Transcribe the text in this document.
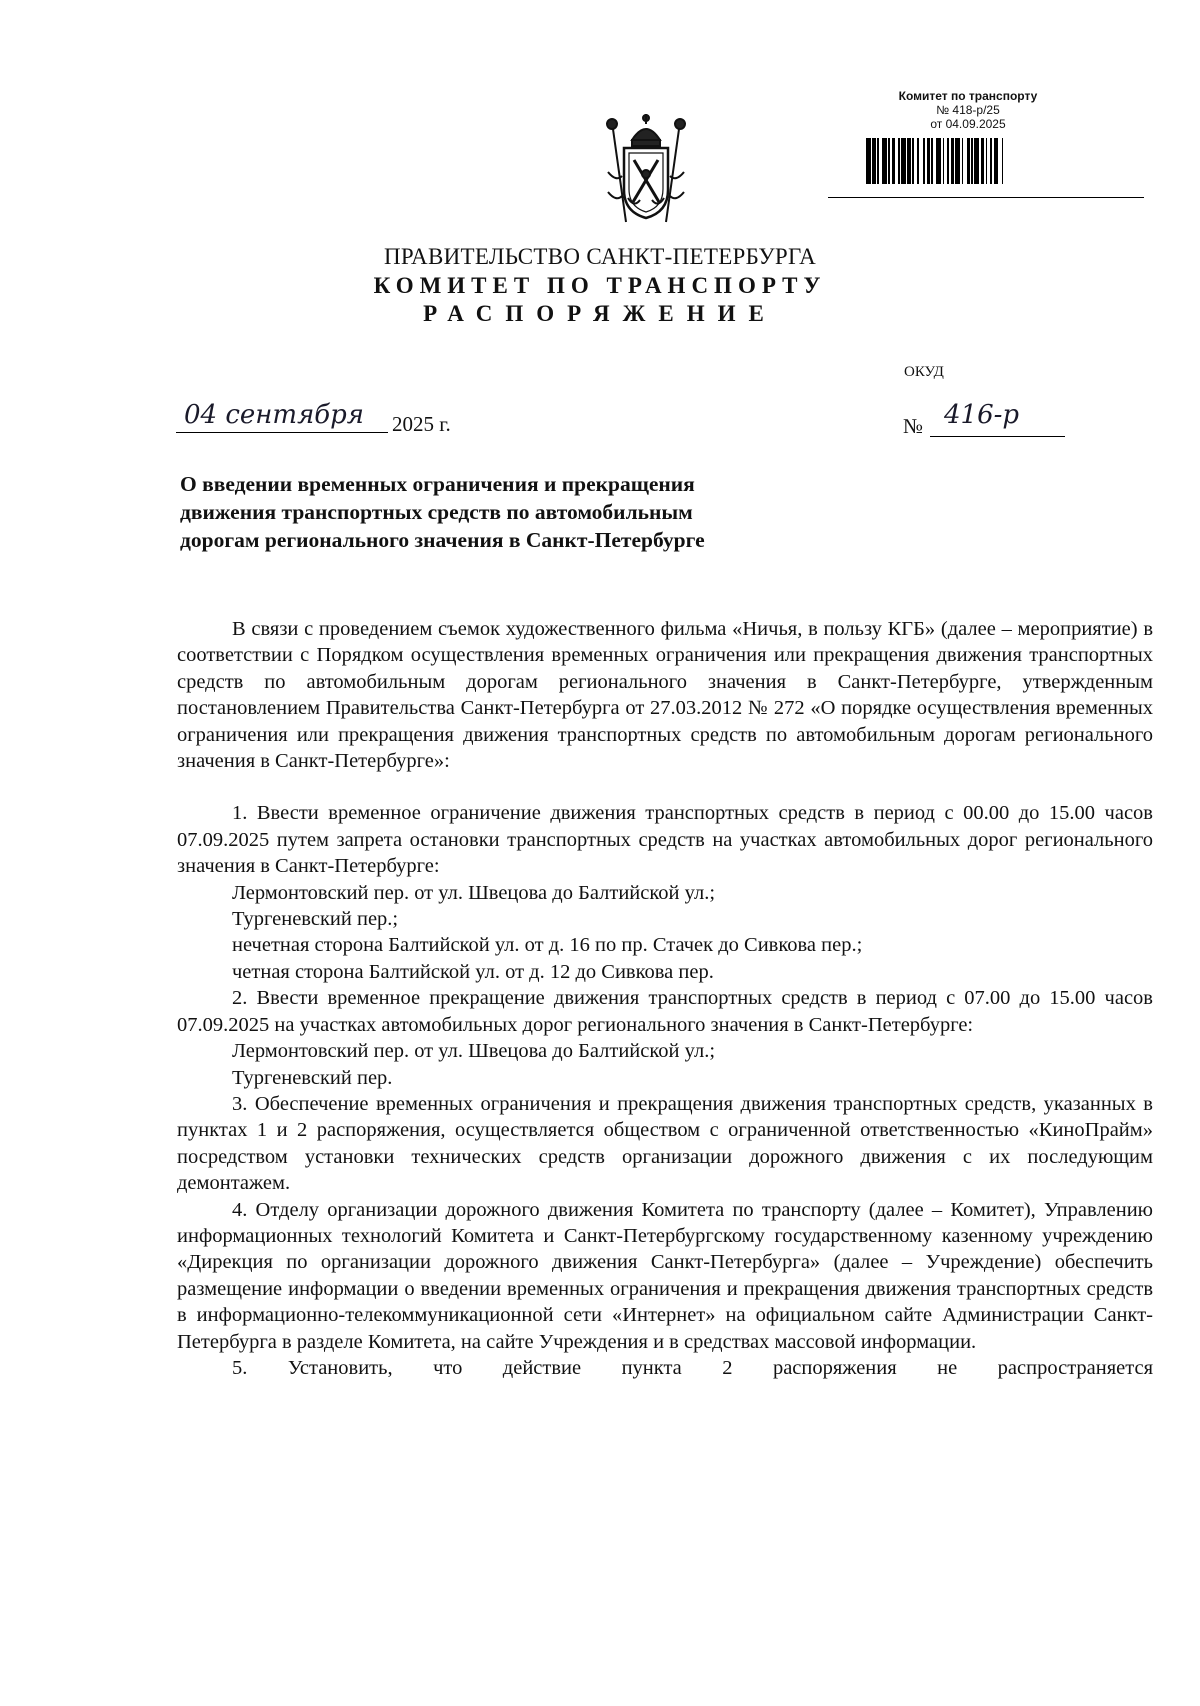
Комитет по транспорту
№ 418-р/25
от 04.09.2025
ПРАВИТЕЛЬСТВО САНКТ-ПЕТЕРБУРГА
КОМИТЕТ ПО ТРАНСПОРТУ
РАСПОРЯЖЕНИЕ
ОКУД
04 сентября 2025 г.	№ 416-р
О введении временных ограничения и прекращения движения транспортных средств по автомобильным дорогам регионального значения в Санкт-Петербурге

В связи с проведением съемок художественного фильма «Ничья, в пользу КГБ» (далее – мероприятие) в соответствии с Порядком осуществления временных ограничения или прекращения движения транспортных средств по автомобильным дорогам регионального значения в Санкт-Петербурге, утвержденным постановлением Правительства Санкт-Петербурга от 27.03.2012 № 272 «О порядке осуществления временных ограничения или прекращения движения транспортных средств по автомобильным дорогам регионального значения в Санкт-Петербурге»:

1. Ввести временное ограничение движения транспортных средств в период с 00.00 до 15.00 часов 07.09.2025 путем запрета остановки транспортных средств на участках автомобильных дорог регионального значения в Санкт-Петербурге:

Лермонтовский пер. от ул. Швецова до Балтийской ул.;

Тургеневский пер.;

нечетная сторона Балтийской ул. от д. 16 по пр. Стачек до Сивкова пер.;

четная сторона Балтийской ул. от д. 12 до Сивкова пер.

2. Ввести временное прекращение движения транспортных средств в период с 07.00 до 15.00 часов 07.09.2025 на участках автомобильных дорог регионального значения в Санкт-Петербурге:

Лермонтовский пер. от ул. Швецова до Балтийской ул.;

Тургеневский пер.

3. Обеспечение временных ограничения и прекращения движения транспортных средств, указанных в пунктах 1 и 2 распоряжения, осуществляется обществом с ограниченной ответственностью «КиноПрайм» посредством установки технических средств организации дорожного движения с их последующим демонтажем.

4. Отделу организации дорожного движения Комитета по транспорту (далее – Комитет), Управлению информационных технологий Комитета и Санкт-Петербургскому государственному казенному учреждению «Дирекция по организации дорожного движения Санкт-Петербурга» (далее – Учреждение) обеспечить размещение информации о введении временных ограничения и прекращения движения транспортных средств в информационно-телекоммуникационной сети «Интернет» на официальном сайте Администрации Санкт-Петербурга в разделе Комитета, на сайте Учреждения и в средствах массовой информации.

5. Установить, что действие пункта 2 распоряжения не распространяется
